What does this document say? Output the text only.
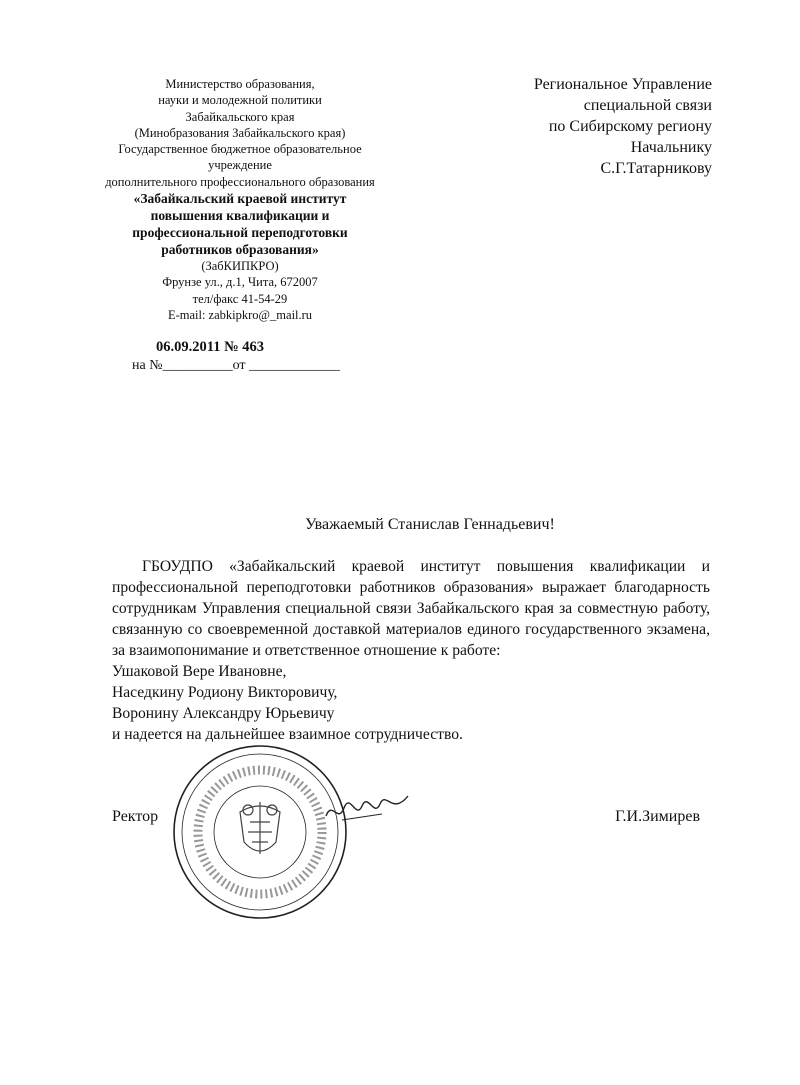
Министерство образования,
науки и молодежной политики
Забайкальского края
(Минобразования Забайкальского края)
Государственное бюджетное образовательное
учреждение
дополнительного профессионального образования
«Забайкальский краевой институт
повышения квалификации и
профессиональной переподготовки
работников образования»
(ЗабКИПКРО)
Фрунзе ул., д.1, Чита, 672007
тел/факс 41-54-29
E-mail: zabkipkro@_mail.ru
06.09.2011 № 463
на №__________от _____________
Региональное Управление
специальной связи
по Сибирскому региону
Начальнику
С.Г.Татарникову
Уважаемый Станислав Геннадьевич!

ГБОУДПО «Забайкальский краевой институт повышения квалификации и профессиональной переподготовки работников образования» выражает благодарность сотрудникам Управления специальной связи Забайкальского края за совместную работу, связанную со своевременной доставкой материалов единого государственного экзамена, за взаимопонимание и ответственное отношение к работе:

Ушаковой Вере Ивановне,
Наседкину Родиону Викторовичу,
Воронину Александру Юрьевичу
и надеется на дальнейшее взаимное сотрудничество.
Ректор	Г.И.Зимирев
